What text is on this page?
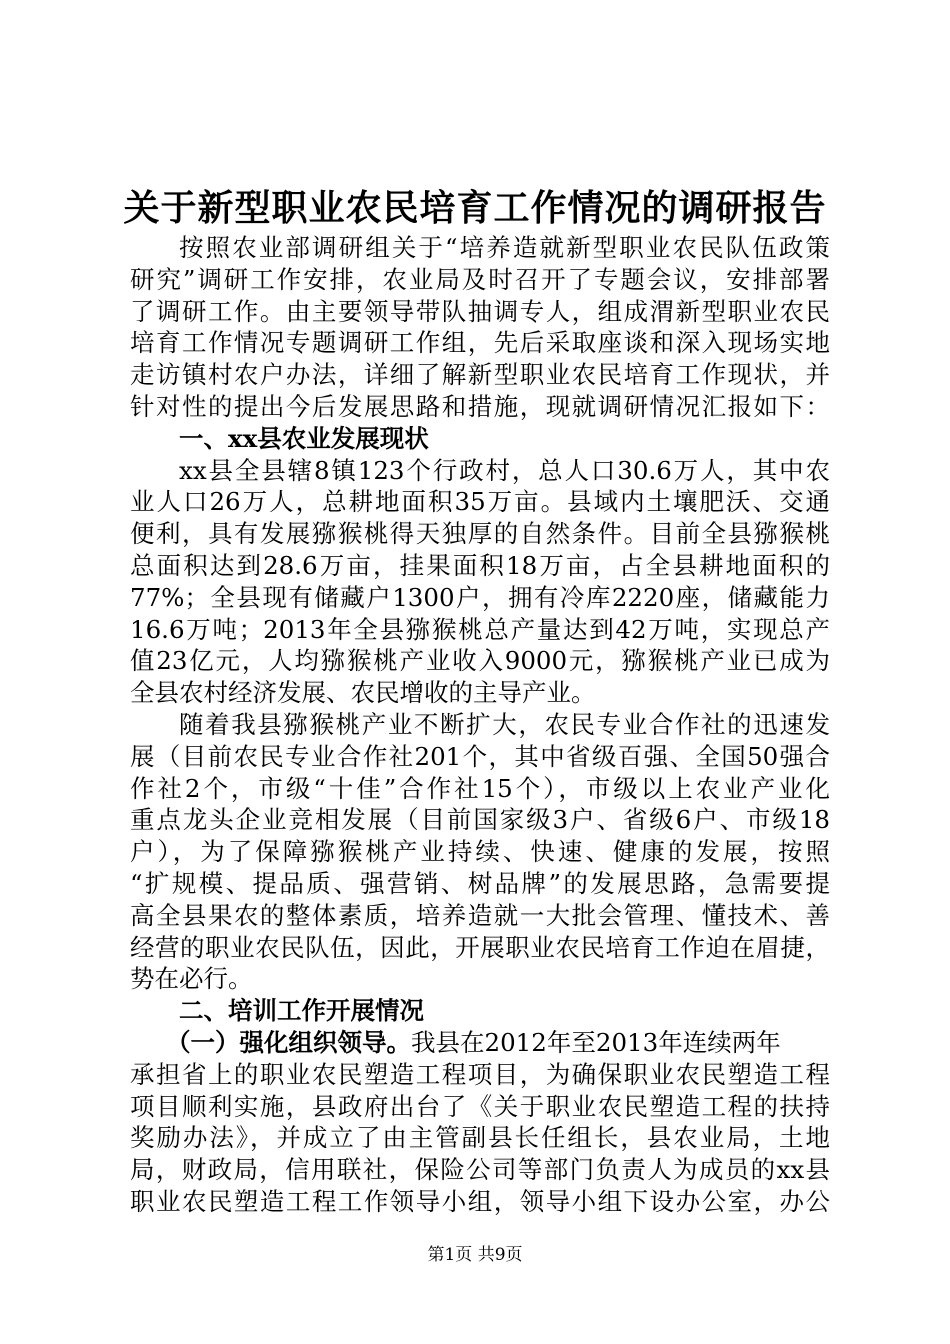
关于新型职业农民培育工作情况的调研报告
按照农业部调研组关于“培养造就新型职业农民队伍政策
研究”调研工作安排，农业局及时召开了专题会议，安排部署
了调研工作。由主要领导带队抽调专人，组成渭新型职业农民
培育工作情况专题调研工作组，先后采取座谈和深入现场实地
走访镇村农户办法，详细了解新型职业农民培育工作现状，并
针对性的提出今后发展思路和措施，现就调研情况汇报如下：
一、xx县农业发展现状
xx县全县辖8镇123个行政村，总人口30.6万人，其中农
业人口26万人，总耕地面积35万亩。县域内土壤肥沃、交通
便利，具有发展猕猴桃得天独厚的自然条件。目前全县猕猴桃
总面积达到28.6万亩，挂果面积18万亩，占全县耕地面积的
77%；全县现有储藏户1300户，拥有冷库2220座，储藏能力
16.6万吨；2013年全县猕猴桃总产量达到42万吨，实现总产
值23亿元，人均猕猴桃产业收入9000元，猕猴桃产业已成为
全县农村经济发展、农民增收的主导产业。
随着我县猕猴桃产业不断扩大，农民专业合作社的迅速发
展（目前农民专业合作社201个，其中省级百强、全国50强合
作社2个，市级“十佳”合作社15个），市级以上农业产业化
重点龙头企业竞相发展（目前国家级3户、省级6户、市级18
户），为了保障猕猴桃产业持续、快速、健康的发展，按照
“扩规模、提品质、强营销、树品牌”的发展思路，急需要提
高全县果农的整体素质，培养造就一大批会管理、懂技术、善
经营的职业农民队伍，因此，开展职业农民培育工作迫在眉捷，
势在必行。
二、培训工作开展情况
（一）强化组织领导。我县在2012年至2013年连续两年
承担省上的职业农民塑造工程项目，为确保职业农民塑造工程
项目顺利实施，县政府出台了《关于职业农民塑造工程的扶持
奖励办法》，并成立了由主管副县长任组长，县农业局，土地
局，财政局，信用联社，保险公司等部门负责人为成员的xx县
职业农民塑造工程工作领导小组，领导小组下设办公室，办公
第1页 共9页
